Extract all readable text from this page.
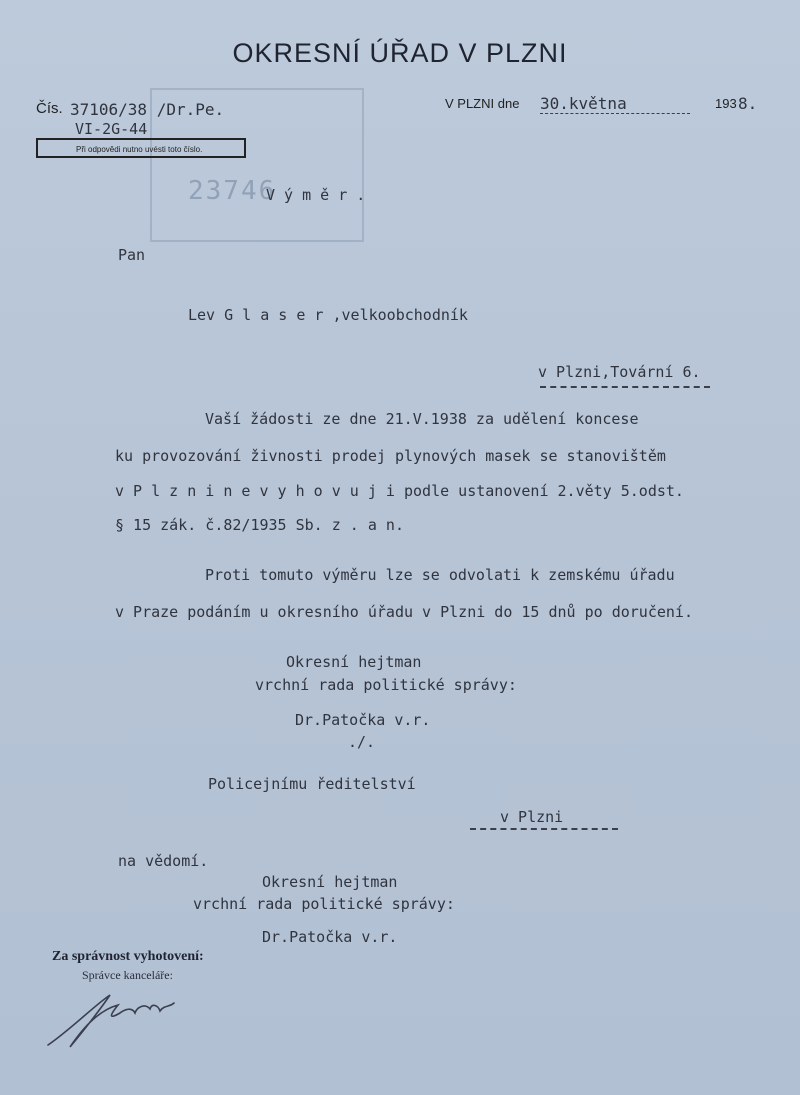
OKRESNÍ ÚŘAD V PLZNI
Čís. 37106/38 /Dr.Pe.
VI-2G-44
Při odpovědi nutno uvésti toto číslo.
V PLZNI dne 30.května	193 8.
23746
V ý m ě r .
Pan
Lev G l a s e r ,velkoobchodník
v Plzni,Tovární 6.
Vaší žádosti ze dne 21.V.1938 za udělení koncese
ku provozování živnosti prodej plynových masek se stanovištěm
v P l z n i n e v y h o v u j i podle ustanovení 2.věty 5.odst.
§ 15 zák. č.82/1935 Sb. z . a n.
Proti tomuto výměru lze se odvolati k zemskému úřadu
v Praze podáním u okresního úřadu v Plzni do 15 dnů po doručení.
Okresní hejtman
vrchní rada politické správy:
Dr.Patočka v.r.
./.
Policejnímu ředitelství
v Plzni
na vědomí.
Okresní hejtman
vrchní rada politické správy:
Dr.Patočka v.r.
Za správnost vyhotovení:
Správce kanceláře:
